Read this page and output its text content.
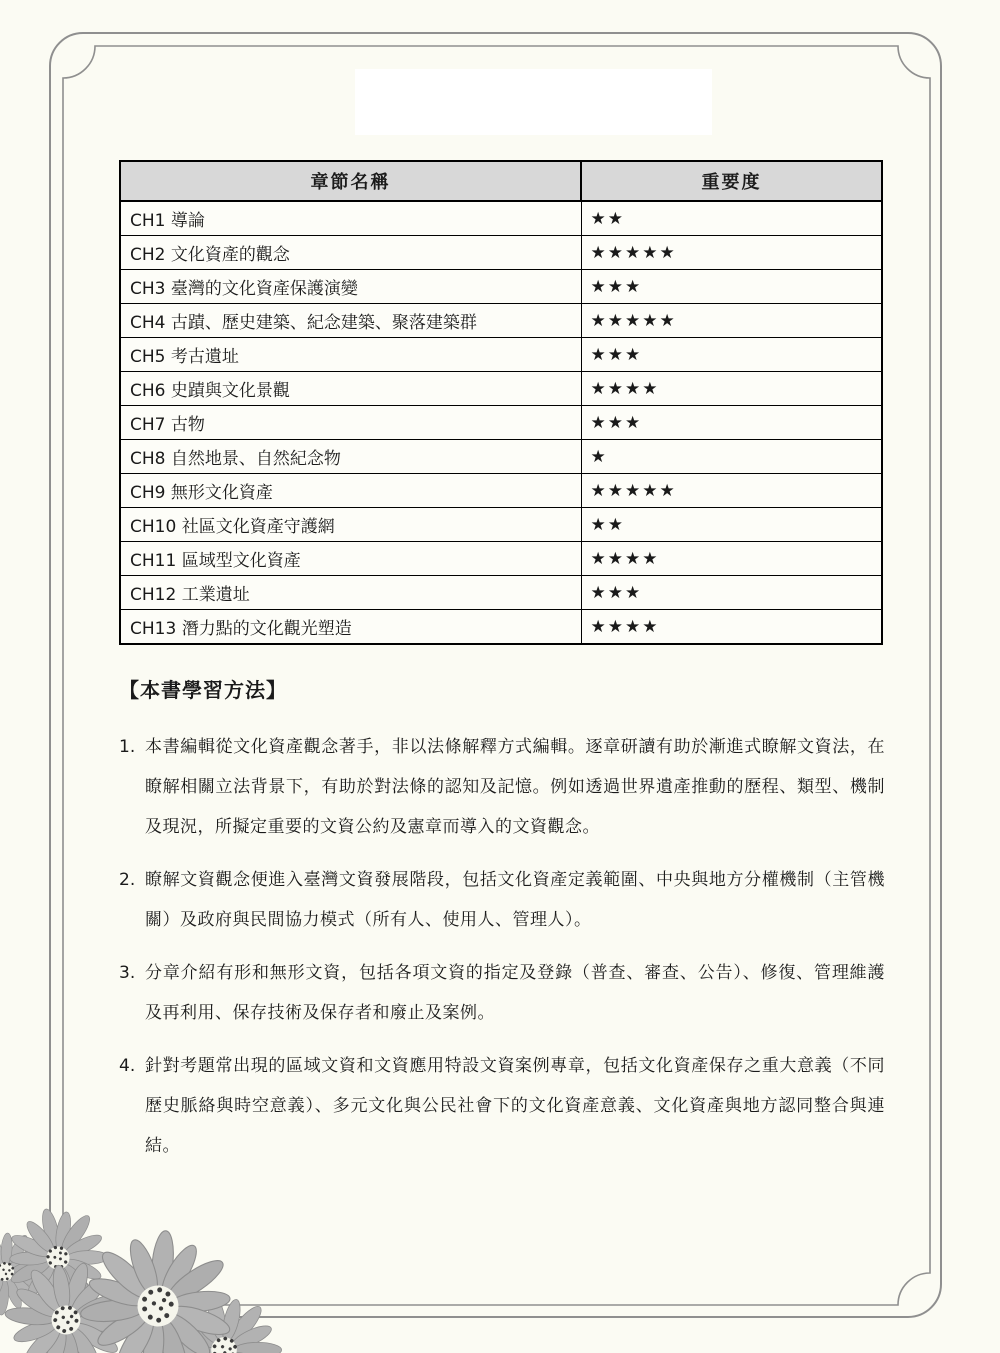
章節名稱	重要度
CH1 導論	★★
CH2 文化資產的觀念	★★★★★
CH3 臺灣的文化資產保護演變	★★★
CH4 古蹟、歷史建築、紀念建築、聚落建築群	★★★★★
CH5 考古遺址	★★★
CH6 史蹟與文化景觀	★★★★
CH7 古物	★★★
CH8 自然地景、自然紀念物	★
CH9 無形文化資產	★★★★★
CH10 社區文化資產守護網	★★
CH11 區域型文化資產	★★★★
CH12 工業遺址	★★★
CH13 潛力點的文化觀光塑造	★★★★
【本書學習方法】
1. 本書編輯從文化資產觀念著手，非以法條解釋方式編輯。逐章研讀有助於漸進式瞭解文資法，在瞭解相關立法背景下，有助於對法條的認知及記憶。例如透過世界遺產推動的歷程、類型、機制及現況，所擬定重要的文資公約及憲章而導入的文資觀念。
2. 瞭解文資觀念便進入臺灣文資發展階段，包括文化資產定義範圍、中央與地方分權機制（主管機關）及政府與民間協力模式（所有人、使用人、管理人）。
3. 分章介紹有形和無形文資，包括各項文資的指定及登錄（普查、審查、公告）、修復、管理維護及再利用、保存技術及保存者和廢止及案例。
4. 針對考題常出現的區域文資和文資應用特設文資案例專章，包括文化資產保存之重大意義（不同歷史脈絡與時空意義）、多元文化與公民社會下的文化資產意義、文化資產與地方認同整合與連結。
